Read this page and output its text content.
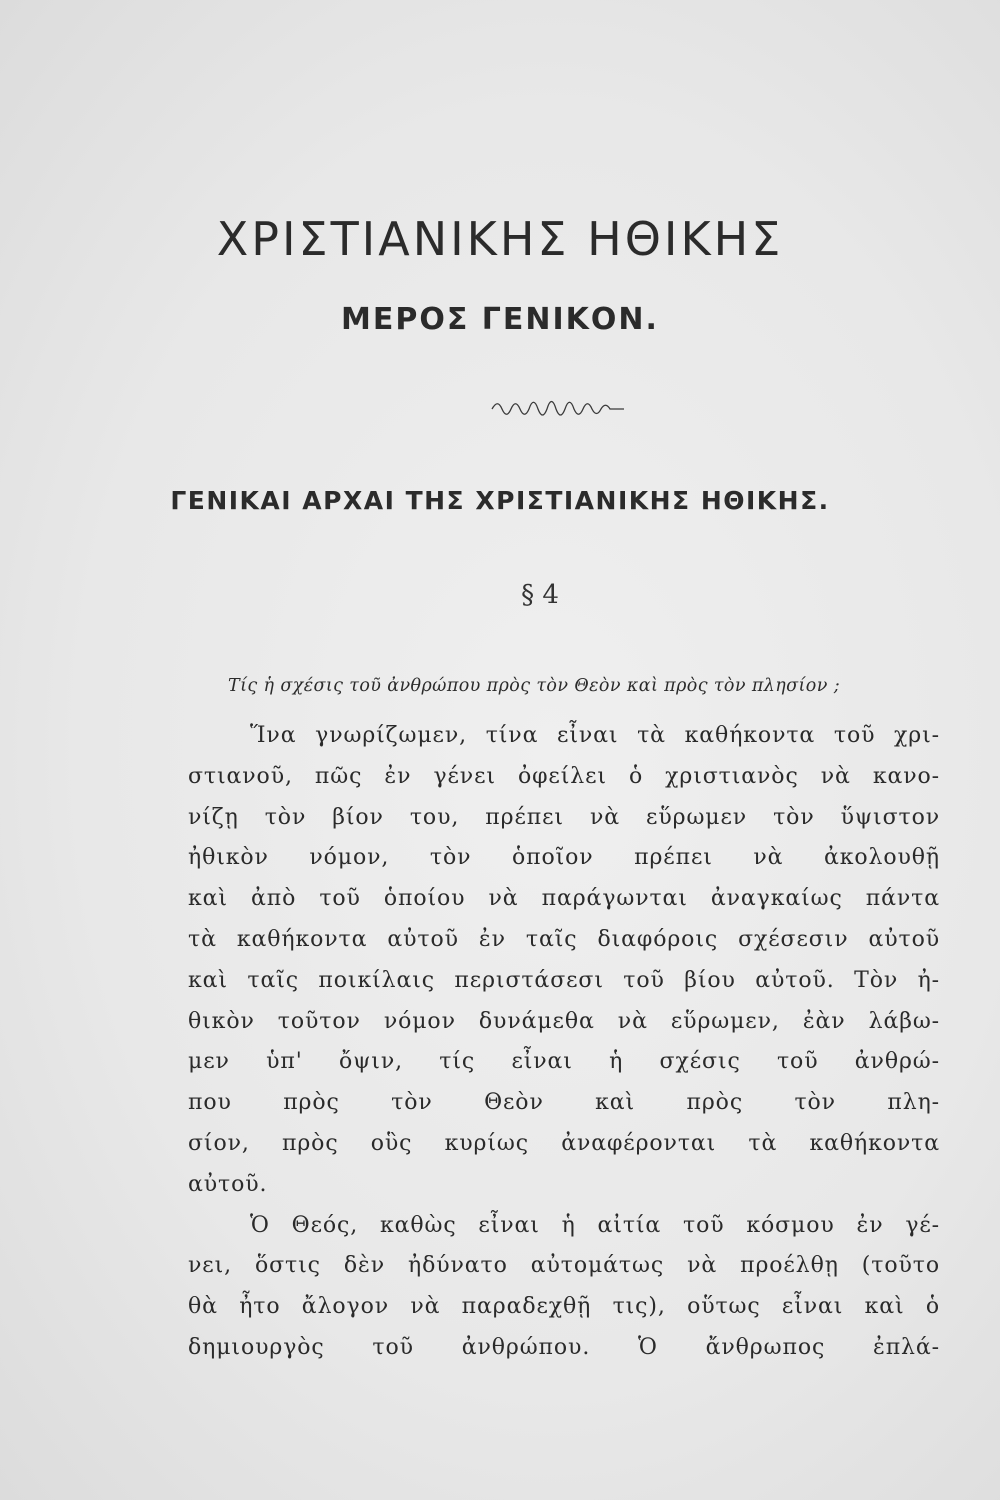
ΧΡΙΣΤΙΑΝΙΚΗΣ ΗΘΙΚΗΣ
ΜΕΡΟΣ ΓΕΝΙΚΟΝ.
ΓΕΝΙΚΑΙ ΑΡΧΑΙ ΤΗΣ ΧΡΙΣΤΙΑΝΙΚΗΣ ΗΘΙΚΗΣ.
§ 4

Τίς ἡ σχέσις τοῦ ἀνθρώπου πρὸς τὸν Θεὸν καὶ πρὸς τὸν πλησίον ;

Ἵνα γνωρίζωμεν, τίνα εἶναι τὰ καθήκοντα τοῦ χρι-
στιανοῦ, πῶς ἐν γένει ὀφείλει ὁ χριστιανὸς νὰ κανο-
νίζῃ τὸν βίον του, πρέπει νὰ εὕρωμεν τὸν ὕψιστον
ἠθικὸν νόμον, τὸν ὁποῖον πρέπει νὰ ἀκολουθῇ
καὶ ἀπὸ τοῦ ὁποίου νὰ παράγωνται ἀναγκαίως πάντα
τὰ καθήκοντα αὐτοῦ ἐν ταῖς διαφόροις σχέσεσιν αὐτοῦ
καὶ ταῖς ποικίλαις περιστάσεσι τοῦ βίου αὐτοῦ. Τὸν ἠ-
θικὸν τοῦτον νόμον δυνάμεθα νὰ εὕρωμεν, ἐὰν λάβω-
μεν ὑπ' ὄψιν, τίς εἶναι ἡ σχέσις τοῦ ἀνθρώ-
που πρὸς τὸν Θεὸν καὶ πρὸς τὸν πλη-
σίον, πρὸς οὓς κυρίως ἀναφέρονται τὰ καθήκοντα
αὐτοῦ.
Ὁ Θεός, καθὼς εἶναι ἡ αἰτία τοῦ κόσμου ἐν γέ-
νει, ὅστις δὲν ἠδύνατο αὐτομάτως νὰ προέλθῃ (τοῦτο
θὰ ἦτο ἄλογον νὰ παραδεχθῇ τις), οὕτως εἶναι καὶ ὁ
δημιουργὸς τοῦ ἀνθρώπου. Ὁ ἄνθρωπος ἐπλά-
